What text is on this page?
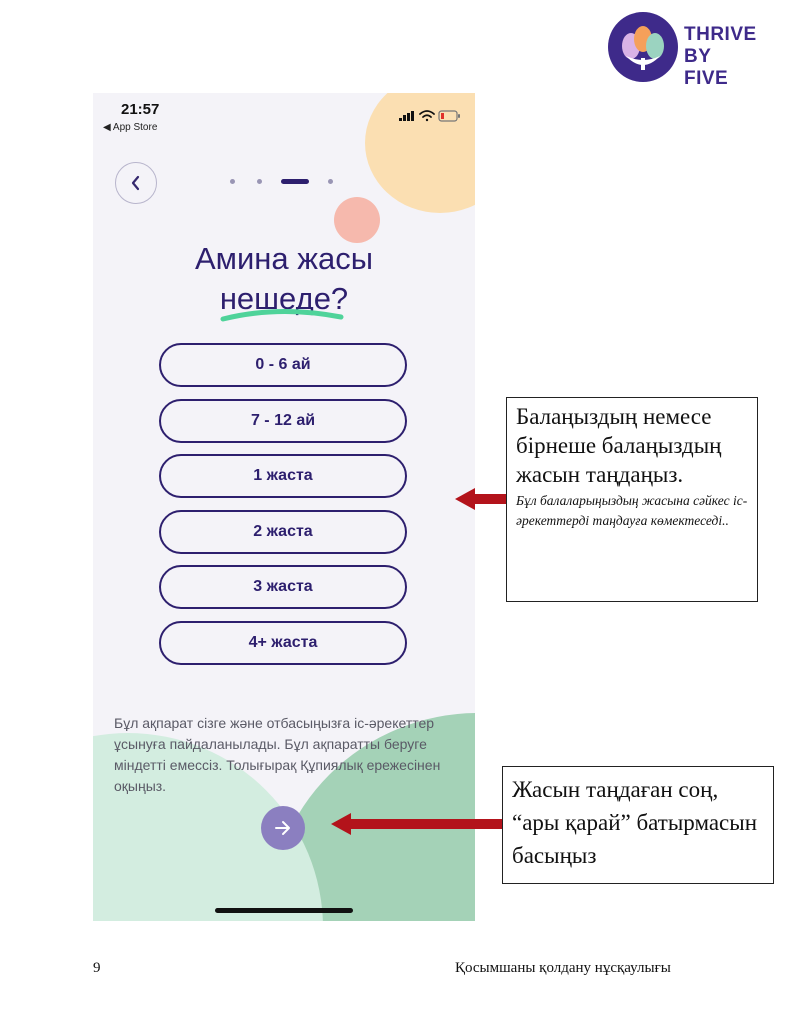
THRIVE
BY FIVE
21:57
◀ App Store
Амина жасы
нешеде?
0 - 6 ай
7 - 12 ай
1 жаста
2 жаста
3 жаста
4+ жаста
Бұл ақпарат сізге және отбасыңызға іс-әрекеттер ұсынуға пайдаланылады. Бұл ақпаратты беруге міндетті емессіз. Толығырақ Құпиялық ережесінен оқыңыз.
Балаңыздың немесе бірнеше балаңыздың жасын таңдаңыз.
Бұл балаларыңыздың жасына сәйкес іс-әрекеттерді таңдауға көмектеседі..
Жасын таңдаған соң, “ары қарай” батырмасын басыңыз
9	Қосымшаны қолдану нұсқаулығы
